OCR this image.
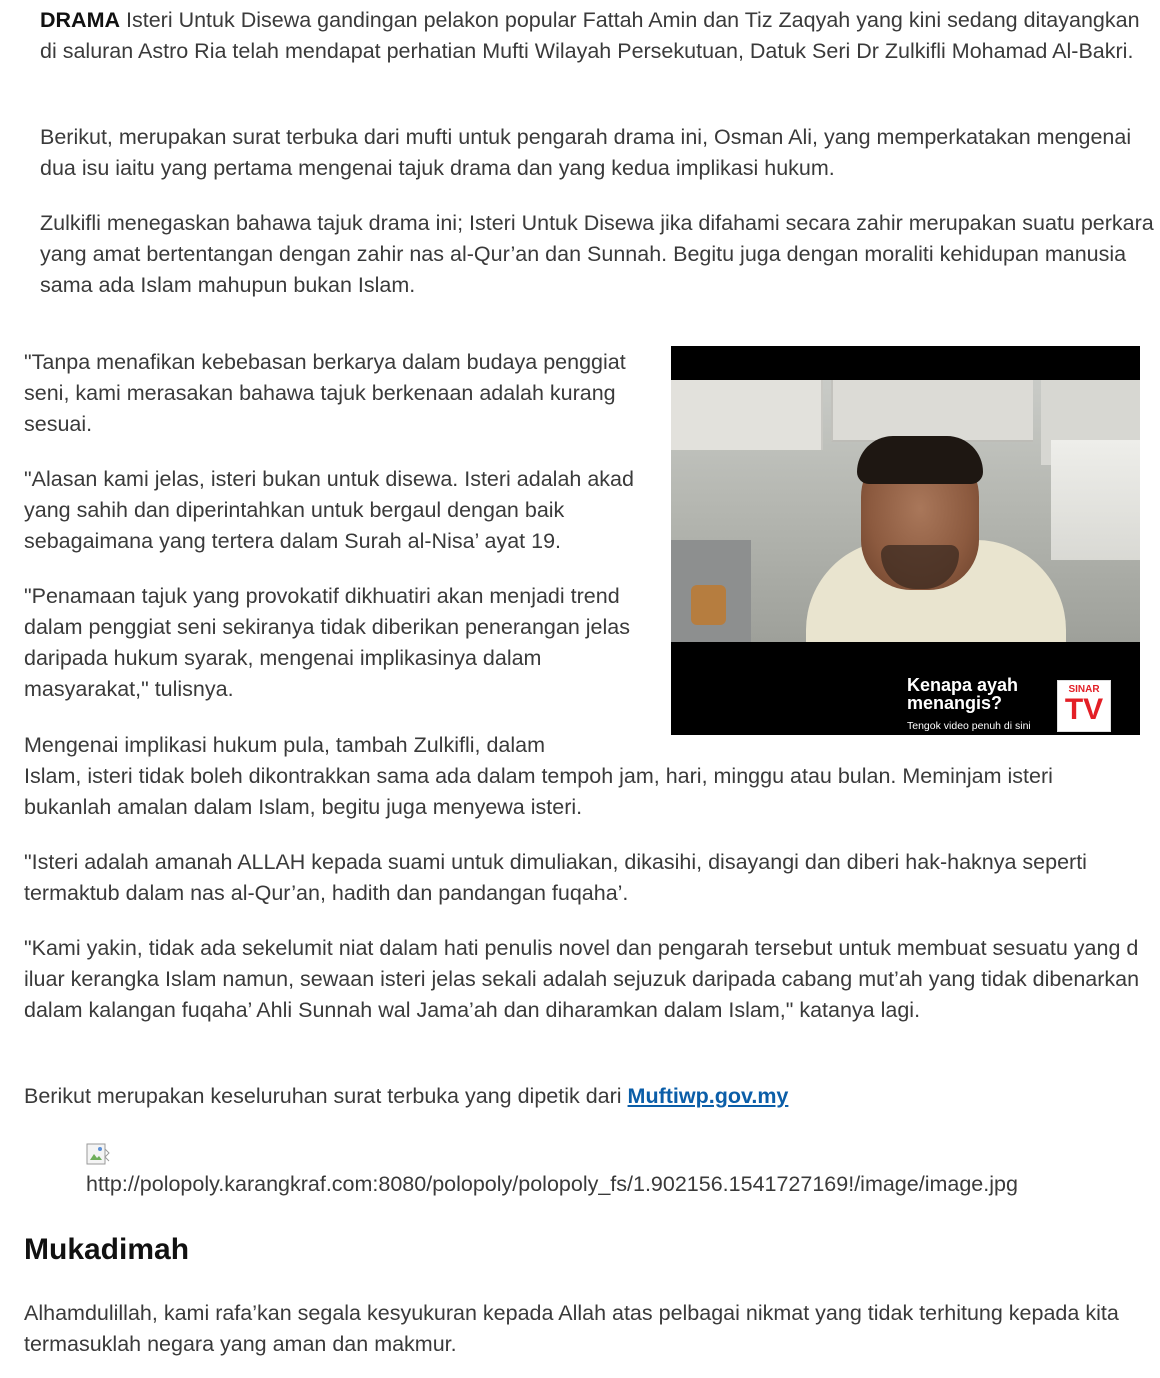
DRAMA Isteri Untuk Disewa gandingan pelakon popular Fattah Amin dan Tiz Zaqyah yang kini sedang ditayangkan di saluran Astro Ria telah mendapat perhatian Mufti Wilayah Persekutuan, Datuk Seri Dr Zulkifli Mohamad Al-Bakri.

Berikut, merupakan surat terbuka dari mufti untuk pengarah drama ini, Osman Ali, yang memperkatakan mengenai dua isu iaitu yang pertama mengenai tajuk drama dan yang kedua implikasi hukum.

Zulkifli menegaskan bahawa tajuk drama ini; Isteri Untuk Disewa jika difahami secara zahir merupakan suatu perkara yang amat bertentangan dengan zahir nas al-Qur’an dan Sunnah. Begitu juga dengan moraliti kehidupan manusia sama ada Islam mahupun bukan Islam.

"Tanpa menafikan kebebasan berkarya dalam budaya penggiat seni, kami merasakan bahawa tajuk berkenaan adalah kurang sesuai.

"Alasan kami jelas, isteri bukan untuk disewa. Isteri adalah akad yang sahih dan diperintahkan untuk bergaul dengan baik sebagaimana yang tertera dalam Surah al-Nisa’ ayat 19.

"Penamaan tajuk yang provokatif dikhuatiri akan menjadi trend dalam penggiat seni sekiranya tidak diberikan penerangan jelas daripada hukum syarak, mengenai implikasinya dalam masyarakat," tulisnya.	Kenapa ayah menangis?
Tengok video penuh di sini
SINAR
TV

Mengenai implikasi hukum pula, tambah Zulkifli, dalam
Islam, isteri tidak boleh dikontrakkan sama ada dalam tempoh jam, hari, minggu atau bulan. Meminjam isteri bukanlah amalan dalam Islam, begitu juga menyewa isteri.

"Isteri adalah amanah ALLAH kepada suami untuk dimuliakan, dikasihi, disayangi dan diberi hak-haknya seperti termaktub dalam nas al-Qur’an, hadith dan pandangan fuqaha’.

"Kami yakin, tidak ada sekelumit niat dalam hati penulis novel dan pengarah tersebut untuk membuat sesuatu yang d iluar kerangka Islam namun, sewaan isteri jelas sekali adalah sejuzuk daripada cabang mut’ah yang tidak dibenarkan dalam kalangan fuqaha’ Ahli Sunnah wal Jama’ah dan diharamkan dalam Islam," katanya lagi.

Berikut merupakan keseluruhan surat terbuka yang dipetik dari Muftiwp.gov.my

http://polopoly.karangkraf.com:8080/polopoly/polopoly_fs/1.902156.1541727169!/image/image.jpg
Mukadimah

Alhamdulillah, kami rafa’kan segala kesyukuran kepada Allah atas pelbagai nikmat yang tidak terhitung kepada kita termasuklah negara yang aman dan makmur.
